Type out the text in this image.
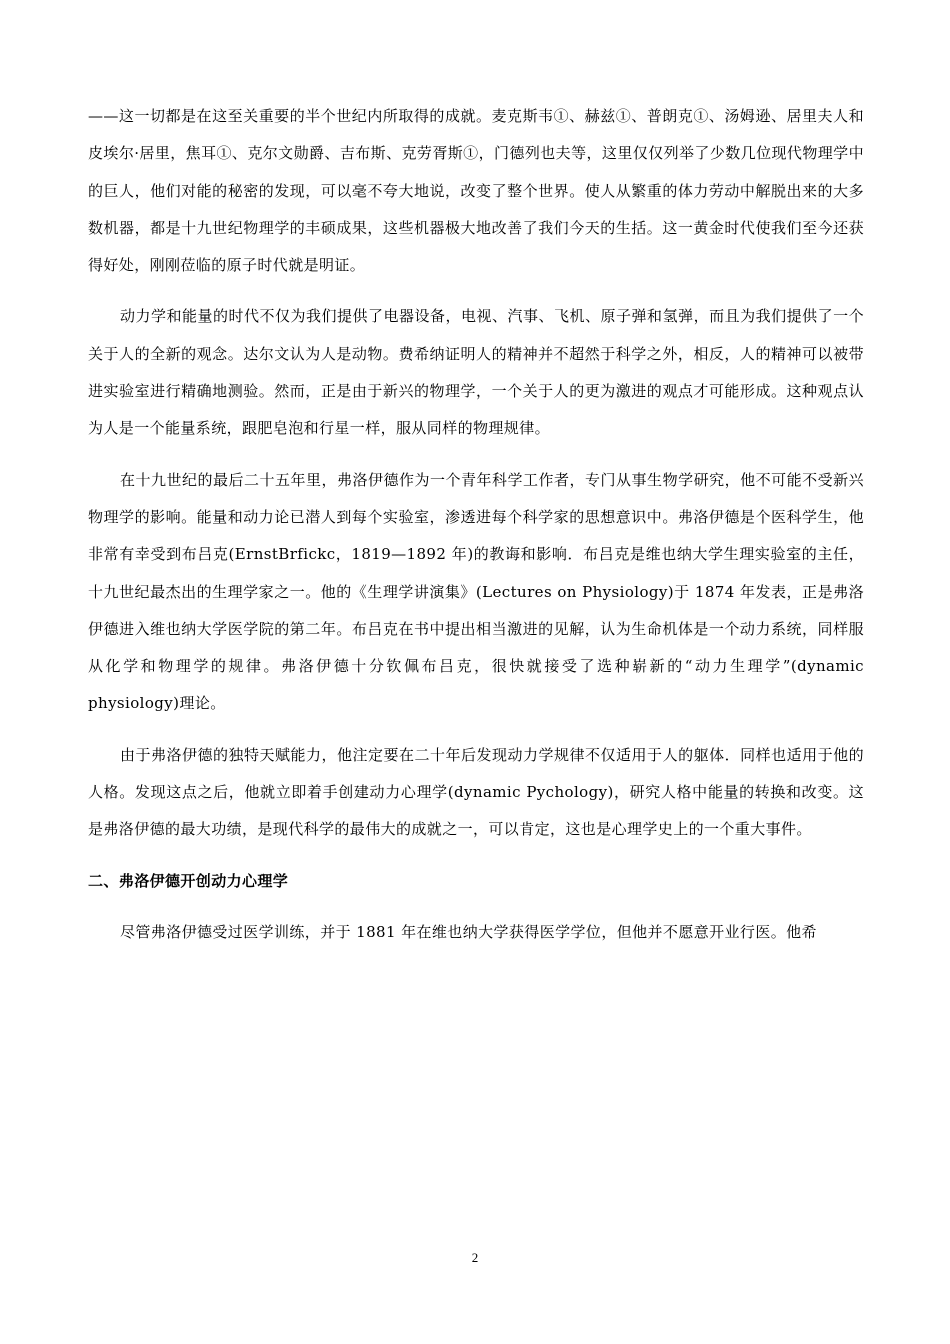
——这一切都是在这至关重要的半个世纪内所取得的成就。麦克斯韦①、赫兹①、普朗克①、汤姆逊、居里夫人和皮埃尔·居里，焦耳①、克尔文勋爵、吉布斯、克劳胥斯①，门德列也夫等，这里仅仅列举了少数几位现代物理学中的巨人，他们对能的秘密的发现，可以毫不夸大地说，改变了整个世界。使人从繁重的体力劳动中解脱出来的大多数机器，都是十九世纪物理学的丰硕成果，这些机器极大地改善了我们今天的生括。这一黄金时代使我们至今还获得好处，刚刚莅临的原子时代就是明证。

动力学和能量的时代不仅为我们提供了电器设备，电视、汽事、飞机、原子弹和氢弹，而且为我们提供了一个关于人的全新的观念。达尔文认为人是动物。费希纳证明人的精神并不超然于科学之外，相反，人的精神可以被带进实验室进行精确地测验。然而，正是由于新兴的物理学，一个关于人的更为激进的观点才可能形成。这种观点认为人是一个能量系统，跟肥皂泡和行星一样，服从同样的物理规律。

在十九世纪的最后二十五年里，弗洛伊德作为一个青年科学工作者，专门从事生物学研究，他不可能不受新兴物理学的影响。能量和动力论已潜人到每个实验室，渗透进每个科学家的思想意识中。弗洛伊德是个医科学生，他非常有幸受到布吕克(ErnstBrfickc，1819—1892 年)的教诲和影响．布吕克是维也纳大学生理实验室的主任，十九世纪最杰出的生理学家之一。他的《生理学讲演集》(Lectures on Physiology)于 1874 年发表，正是弗洛伊德进入维也纳大学医学院的第二年。布吕克在书中提出相当激进的见解，认为生命机体是一个动力系统，同样服从化学和物理学的规律。弗洛伊德十分钦佩布吕克，很快就接受了选种崭新的“动力生理学”(dynamic physiology)理论。

由于弗洛伊德的独特天赋能力，他注定要在二十年后发现动力学规律不仅适用于人的躯体．同样也适用于他的人格。发现这点之后，他就立即着手创建动力心理学(dynamic Pychology)，研究人格中能量的转换和改变。这是弗洛伊德的最大功绩，是现代科学的最伟大的成就之一，可以肯定，这也是心理学史上的一个重大事件。

二、弗洛伊德开创动力心理学

尽管弗洛伊德受过医学训练，并于 1881 年在维也纳大学获得医学学位，但他并不愿意开业行医。他希

2
